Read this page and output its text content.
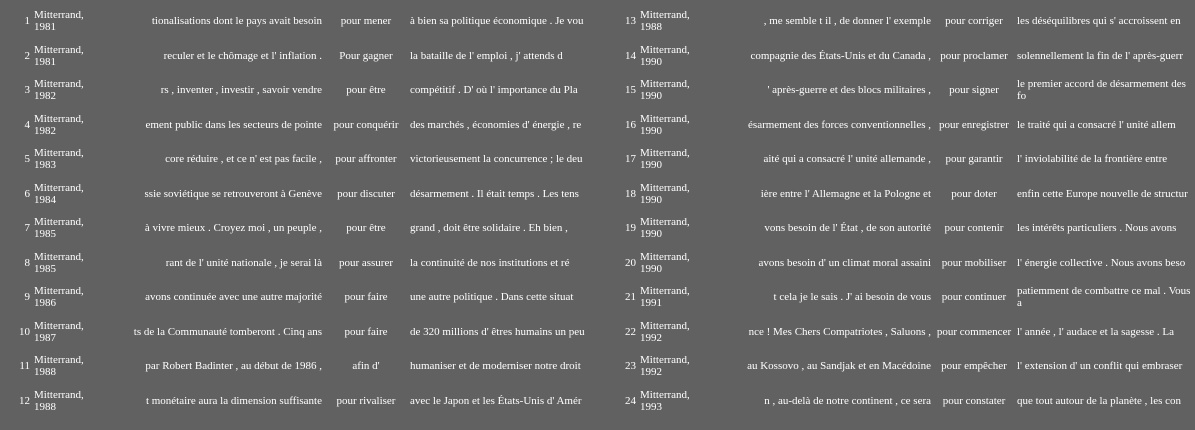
1	Mitterrand,
1981	tionalisations dont le pays avait besoin	pour mener	à bien sa politique économique . Je vou

2	Mitterrand,
1981	reculer et le chômage et l' inflation .	Pour gagner	la bataille de l' emploi , j' attends d

3	Mitterrand,
1982	rs , inventer , investir , savoir vendre	pour être	compétitif . D' où l' importance du Pla

4	Mitterrand,
1982	ement public dans les secteurs de pointe	pour conquérir	des marchés , économies d' énergie , re

5	Mitterrand,
1983	core réduire , et ce n' est pas facile ,	pour affronter	victorieusement la concurrence ; le deu

6	Mitterrand,
1984	ssie soviétique se retrouveront à Genève	pour discuter	désarmement . Il était temps . Les tens

7	Mitterrand,
1985	à vivre mieux . Croyez moi , un peuple ,	pour être	grand , doit être solidaire . Eh bien ,

8	Mitterrand,
1985	rant de l' unité nationale , je serai là	pour assurer	la continuité de nos institutions et ré

9	Mitterrand,
1986	avons continuée avec une autre majorité	pour faire	une autre politique . Dans cette situat

10	Mitterrand,
1987	ts de la Communauté tomberont . Cinq ans	pour faire	de 320 millions d' êtres humains un peu

11	Mitterrand,
1988	par Robert Badinter , au début de 1986 ,	afin d'	humaniser et de moderniser notre droit

12	Mitterrand,
1988	t monétaire aura la dimension suffisante	pour rivaliser	avec le Japon et les États-Unis d' Amér
13	Mitterrand,
1988	, me semble t il , de donner l' exemple	pour corriger	les déséquilibres qui s' accroissent en

14	Mitterrand,
1990	compagnie des États-Unis et du Canada ,	pour proclamer	solennellement la fin de l' après-guerr

15	Mitterrand,
1990	' après-guerre et des blocs militaires ,	pour signer	le premier accord de désarmement des fo

16	Mitterrand,
1990	ésarmement des forces conventionnelles ,	pour enregistrer	le traité qui a consacré l' unité allem

17	Mitterrand,
1990	aité qui a consacré l' unité allemande ,	pour garantir	l' inviolabilité de la frontière entre

18	Mitterrand,
1990	ière entre l' Allemagne et la Pologne et	pour doter	enfin cette Europe nouvelle de structur

19	Mitterrand,
1990	vons besoin de l' État , de son autorité	pour contenir	les intérêts particuliers . Nous avons

20	Mitterrand,
1990	avons besoin d' un climat moral assaini	pour mobiliser	l' énergie collective . Nous avons beso

21	Mitterrand,
1991	t cela je le sais . J' ai besoin de vous	pour continuer	patiemment de combattre ce mal . Vous a

22	Mitterrand,
1992	nce ! Mes Chers Compatriotes , Saluons ,	pour commencer	l' année , l' audace et la sagesse . La

23	Mitterrand,
1992	au Kossovo , au Sandjak et en Macédoine	pour empêcher	l' extension d' un conflit qui embraser

24	Mitterrand,
1993	n , au-delà de notre continent , ce sera	pour constater	que tout autour de la planète , les con
